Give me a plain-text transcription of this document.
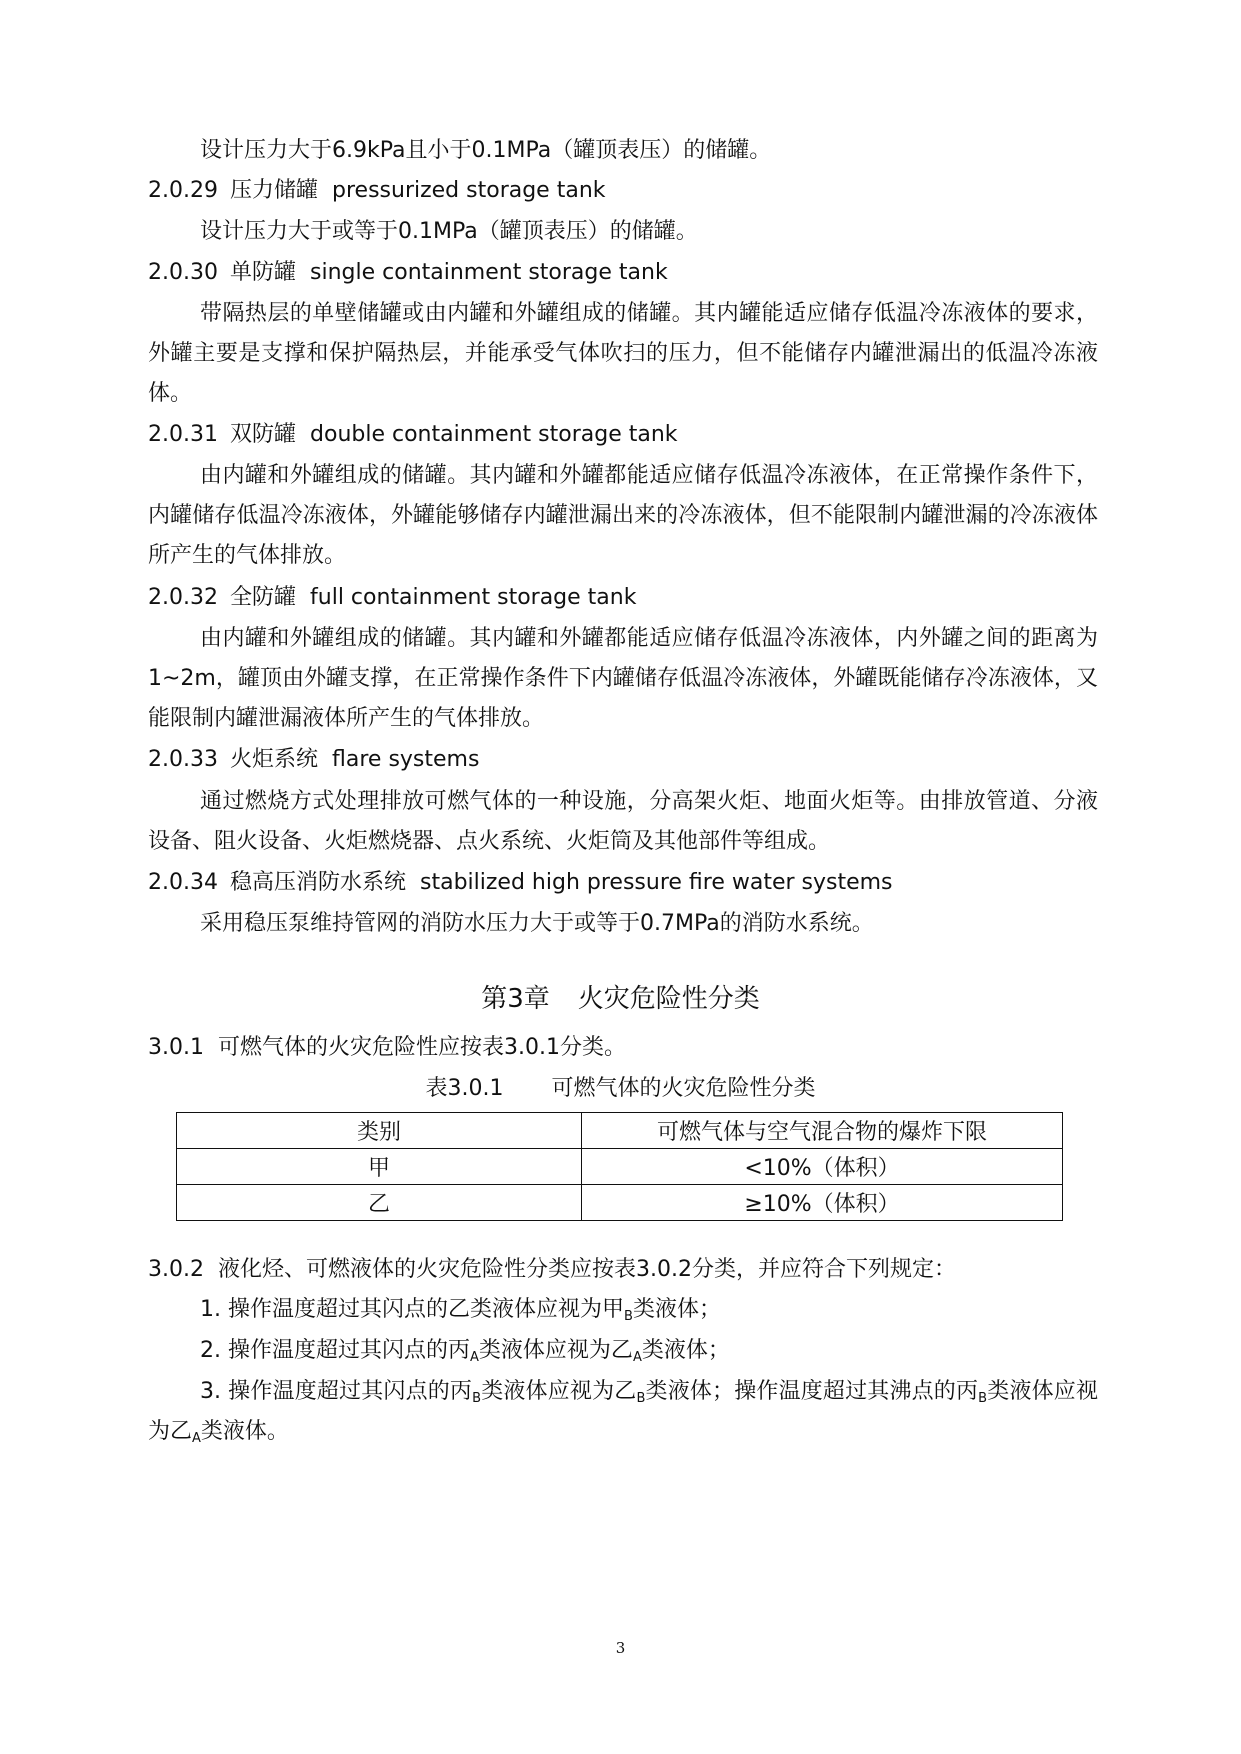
设计压力大于6.9kPa且小于0.1MPa（罐顶表压）的储罐。
2.0.29 压力储罐 pressurized storage tank
设计压力大于或等于0.1MPa（罐顶表压）的储罐。
2.0.30 单防罐 single containment storage tank
带隔热层的单壁储罐或由内罐和外罐组成的储罐。其内罐能适应储存低温冷冻液体的要求，外罐主要是支撑和保护隔热层，并能承受气体吹扫的压力，但不能储存内罐泄漏出的低温冷冻液体。
2.0.31 双防罐 double containment storage tank
由内罐和外罐组成的储罐。其内罐和外罐都能适应储存低温冷冻液体，在正常操作条件下，内罐储存低温冷冻液体，外罐能够储存内罐泄漏出来的冷冻液体，但不能限制内罐泄漏的冷冻液体所产生的气体排放。
2.0.32 全防罐 full containment storage tank
由内罐和外罐组成的储罐。其内罐和外罐都能适应储存低温冷冻液体，内外罐之间的距离为1~2m，罐顶由外罐支撑，在正常操作条件下内罐储存低温冷冻液体，外罐既能储存冷冻液体，又能限制内罐泄漏液体所产生的气体排放。
2.0.33 火炬系统 flare systems
通过燃烧方式处理排放可燃气体的一种设施，分高架火炬、地面火炬等。由排放管道、分液设备、阻火设备、火炬燃烧器、点火系统、火炬筒及其他部件等组成。
2.0.34 稳高压消防水系统 stabilized high pressure fire water systems
采用稳压泵维持管网的消防水压力大于或等于0.7MPa的消防水系统。
第3章 火灾危险性分类
3.0.1 可燃气体的火灾危险性应按表3.0.1分类。
表3.0.1 可燃气体的火灾危险性分类
类别	可燃气体与空气混合物的爆炸下限
甲	<10%（体积）
乙	≥10%（体积）
3.0.2 液化烃、可燃液体的火灾危险性分类应按表3.0.2分类，并应符合下列规定：
1. 操作温度超过其闪点的乙类液体应视为甲$_B$类液体；
2. 操作温度超过其闪点的丙$_A$类液体应视为乙$_A$类液体；
3. 操作温度超过其闪点的丙$_B$类液体应视为乙$_B$类液体；操作温度超过其沸点的丙$_B$类液体应视为乙$_A$类液体。
3
